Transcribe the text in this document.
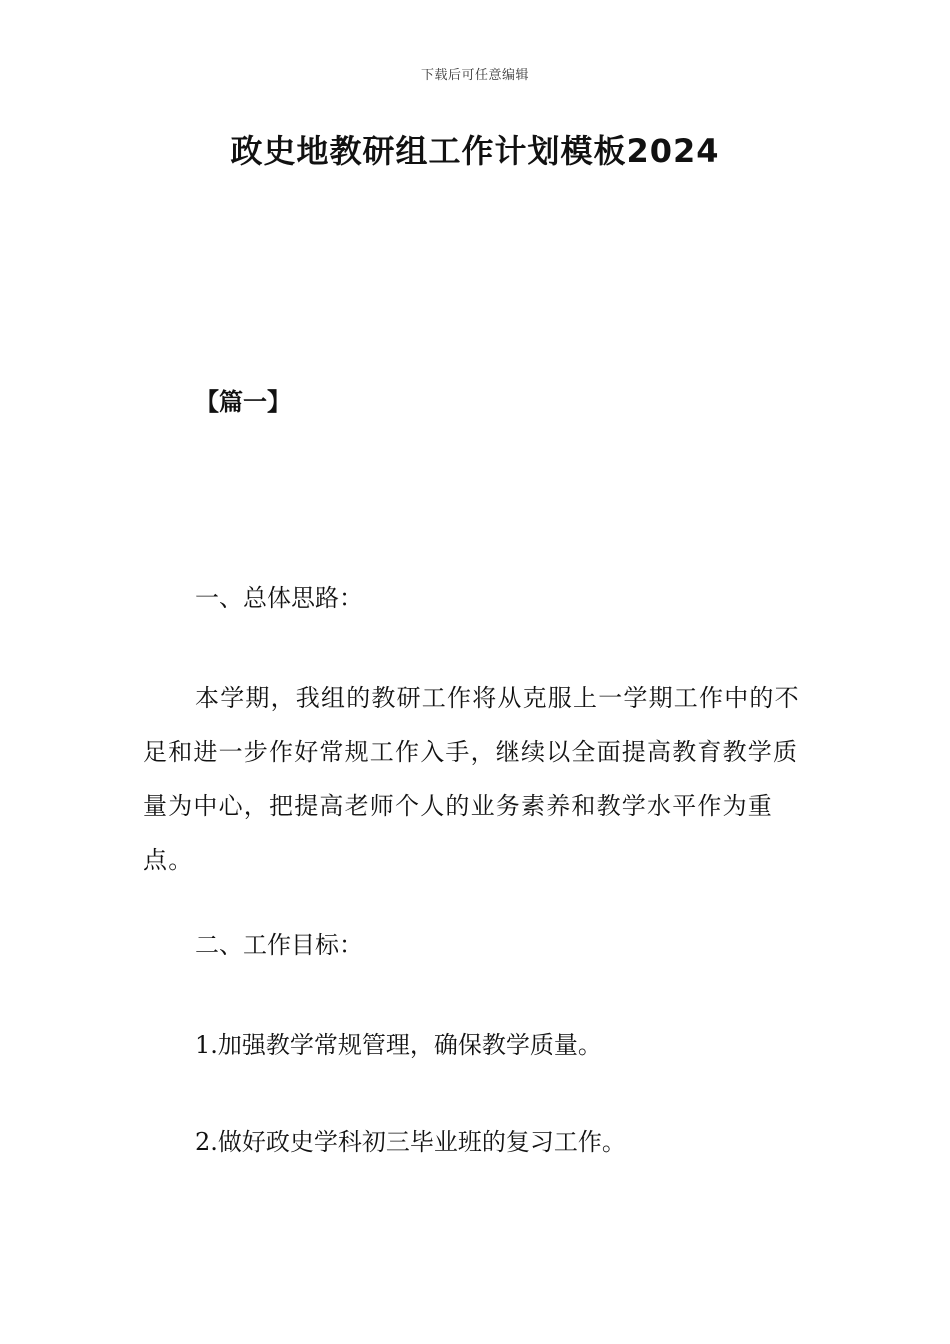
下载后可任意编辑
政史地教研组工作计划模板2024
【篇一】
一、总体思路：

本学期，我组的教研工作将从克服上一学期工作中的不足和进一步作好常规工作入手，继续以全面提高教育教学质量为中心，把提高老师个人的业务素养和教学水平作为重点。

二、工作目标：
1.加强教学常规管理，确保教学质量。
2.做好政史学科初三毕业班的复习工作。
